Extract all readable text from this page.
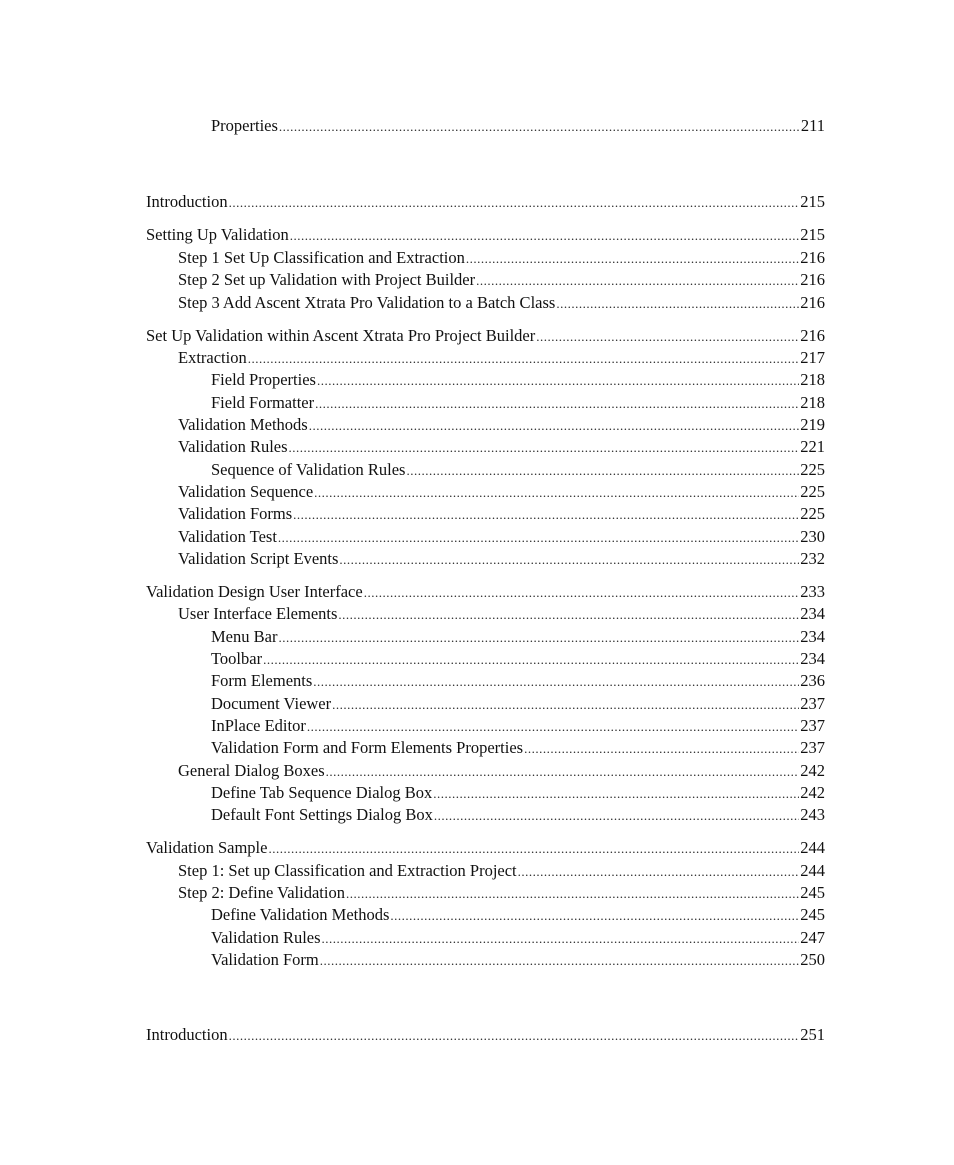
Properties .....	211
Introduction .....	215
Setting Up Validation .....	215
Step 1 Set Up Classification and Extraction .....	216
Step 2 Set up Validation with Project Builder .....	216
Step 3 Add Ascent Xtrata Pro Validation to a Batch Class .....	216
Set Up Validation within Ascent Xtrata Pro Project Builder .....	216
Extraction .....	217
Field Properties .....	218
Field Formatter .....	218
Validation Methods .....	219
Validation Rules .....	221
Sequence of Validation Rules .....	225
Validation Sequence .....	225
Validation Forms .....	225
Validation Test .....	230
Validation Script Events .....	232
Validation Design User Interface .....	233
User Interface Elements .....	234
Menu Bar .....	234
Toolbar .....	234
Form Elements .....	236
Document Viewer .....	237
InPlace Editor .....	237
Validation Form and Form Elements Properties .....	237
General Dialog Boxes .....	242
Define Tab Sequence Dialog Box .....	242
Default Font Settings Dialog Box .....	243
Validation Sample .....	244
Step 1: Set up Classification and Extraction Project .....	244
Step 2: Define Validation .....	245
Define Validation Methods .....	245
Validation Rules .....	247
Validation Form .....	250
Introduction .....	251
